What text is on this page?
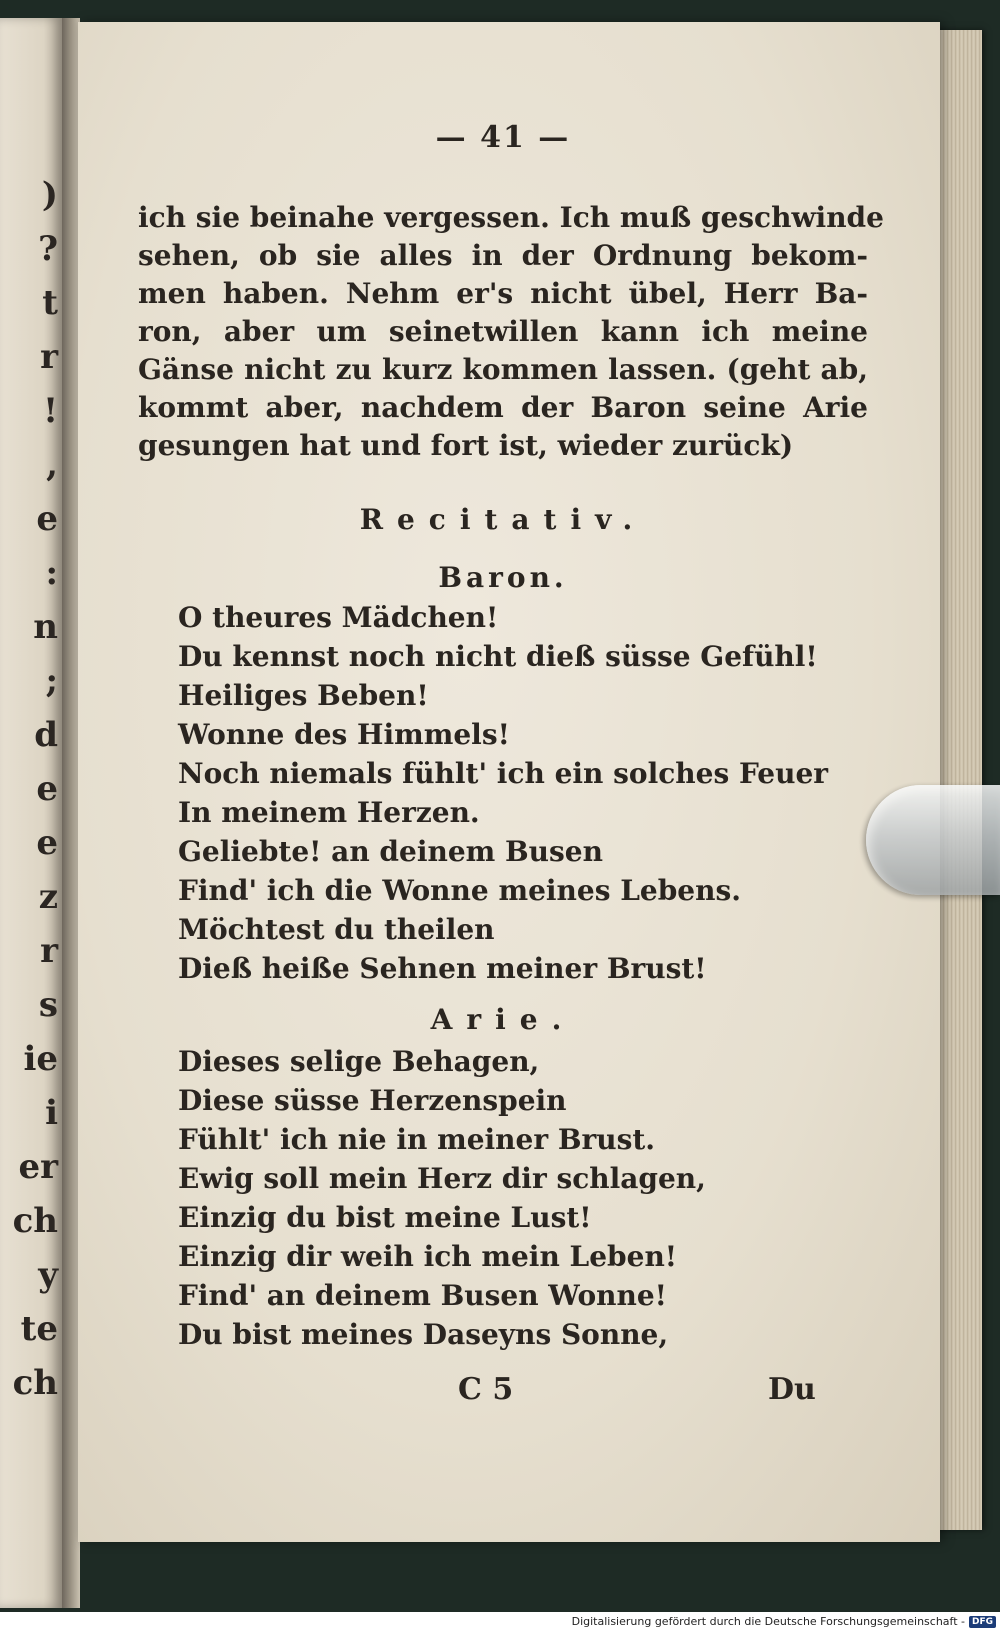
)
?
t
r
!
,
e
:
n
;
d
e
e
z
r
s
ie
i
er
ch
y
te
ch
— 41 —
ich sie beinahe vergessen. Ich muß geschwinde
sehen, ob sie alles in der Ordnung bekom-
men haben. Nehm er's nicht übel, Herr Ba-
ron, aber um seinetwillen kann ich meine
Gänse nicht zu kurz kommen lassen. (geht ab,
kommt aber, nachdem der Baron seine Arie
gesungen hat und fort ist, wieder zurück)
Recitativ.
Baron.
O theures Mädchen!
Du kennst noch nicht dieß süsse Gefühl!
Heiliges Beben!
Wonne des Himmels!
Noch niemals fühlt' ich ein solches Feuer
In meinem Herzen.
Geliebte! an deinem Busen
Find' ich die Wonne meines Lebens.
Möchtest du theilen
Dieß heiße Sehnen meiner Brust!
Arie.
Dieses selige Behagen,
Diese süsse Herzenspein
Fühlt' ich nie in meiner Brust.
Ewig soll mein Herz dir schlagen,
Einzig du bist meine Lust!
Einzig dir weih ich mein Leben!
Find' an deinem Busen Wonne!
Du bist meines Daseyns Sonne,
C 5	Du
Digitalisierung gefördert durch die Deutsche Forschungsgemeinschaft - DFG
